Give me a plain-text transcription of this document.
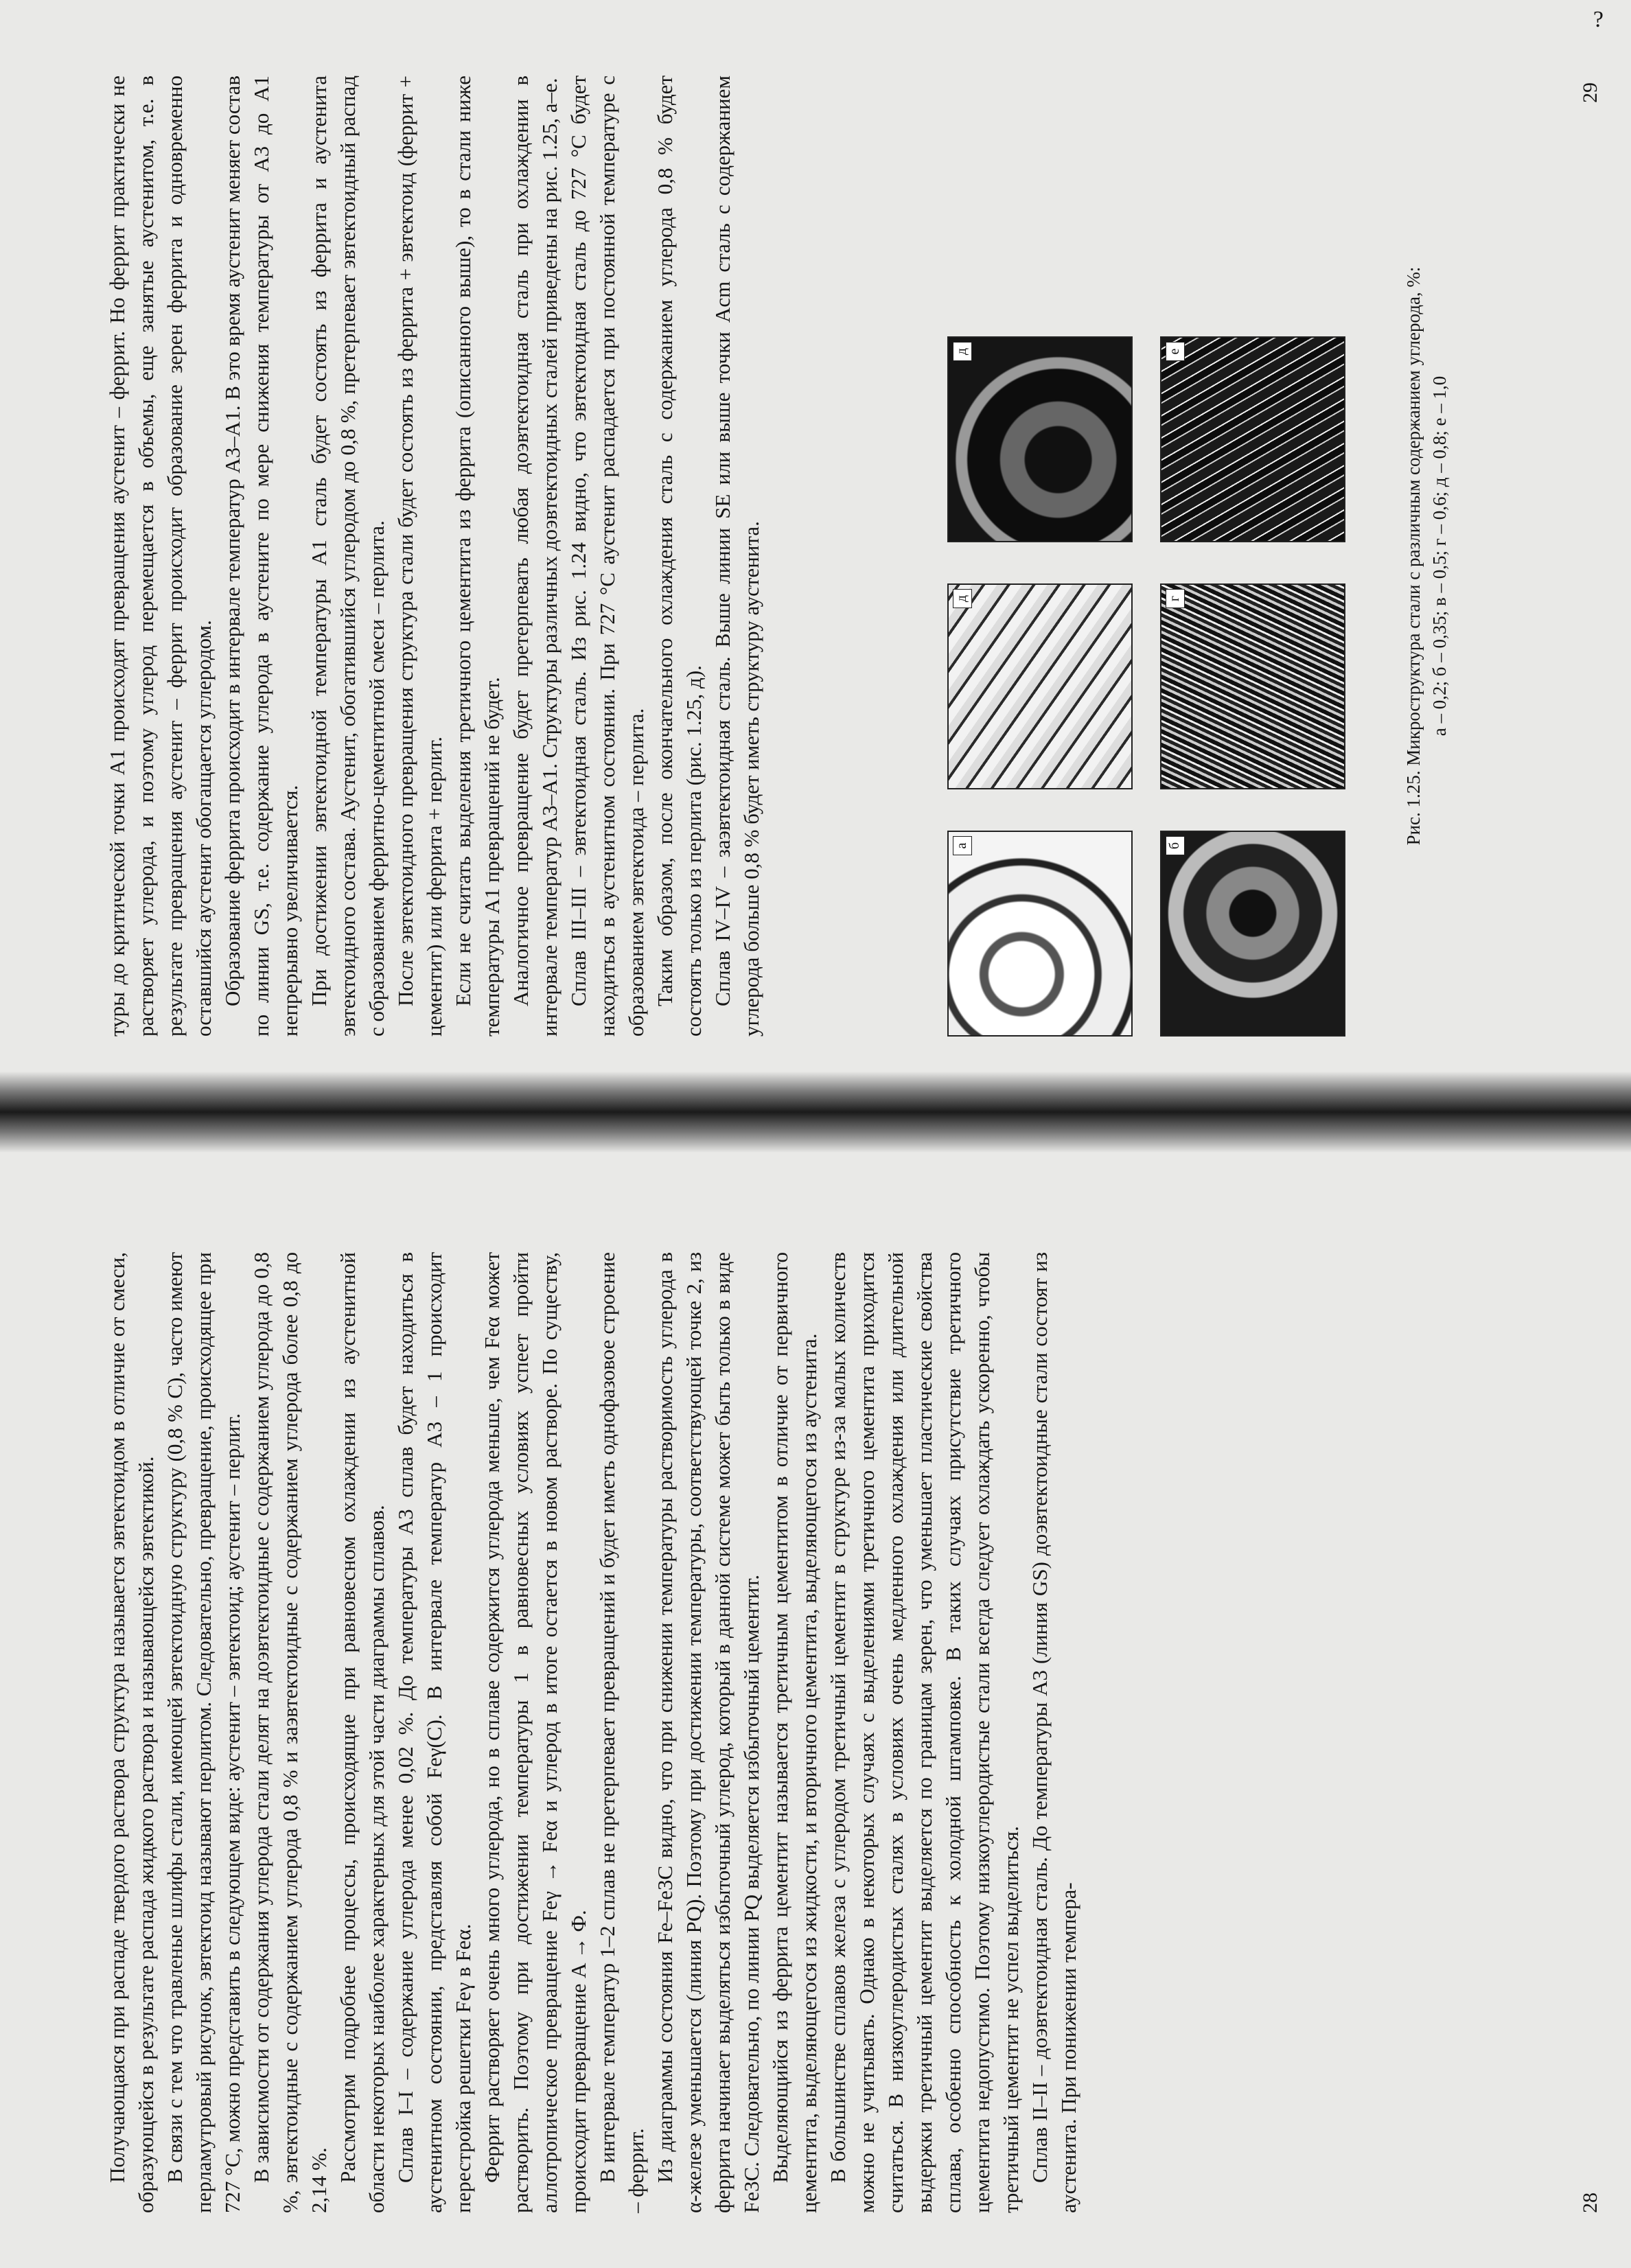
?

туры до критической точки A1 происходят превращения аустенит – феррит. Но феррит практически не растворяет углерода, и поэтому углерод перемещается в объемы, еще занятые аустенитом, т.е. в результате превращения аустенит – феррит происходит образование зерен феррита и одновременно оставшийся аустенит обогащается углеродом. Образование феррита происходит в интервале температур A3–A1. В это время аустенит меняет состав по линии GS, т.е. содержание углерода в аустените по мере снижения температуры от A3 до A1 непрерывно увеличивается. При достижении эвтектоидной температуры A1 сталь будет состоять из феррита и аустенита эвтектоидного состава. Аустенит, обогатившийся углеродом до 0,8 %, претерпевает эвтектоидный распад с образованием ферритно-цементитной смеси – перлита. После эвтектоидного превращения структура стали будет состоять из феррита + эвтектоид (феррит + цементит) или феррита + перлит. Если не считать выделения третичного цементита из феррита (описанного выше), то в стали ниже температуры A1 превращений не будет. Аналогичное превращение будет претерпевать любая доэвтектоидная сталь при охлаждении в интервале температур A3–A1. Структуры различных доэвтектоидных сталей приведены на рис. 1.25, а–е. Сплав III–III – эвтектоидная сталь. Из рис. 1.24 видно, что эвтектоидная сталь до 727 °С будет находиться в аустенитном состоянии. При 727 °С аустенит распадается при постоянной температуре с образованием эвтектоида – перлита. Таким образом, после окончательного охлаждения сталь с содержанием углерода 0,8 % будет состоять только из перлита (рис. 1.25, д). Сплав IV–IV – заэвтектоидная сталь. Выше линии SE или выше точки Acm сталь с содержанием углерода больше 0,8 % будет иметь структуру аустенита.	а	б
д	г
д	е	Рис. 1.25. Микроструктура стали с различным содержанием углерода, %: а – 0,2; б – 0,35; в – 0,5; г – 0,6; д – 0,8; е – 1,0
29

Получающаяся при распаде твердого раствора структура называется эвтектоидом в отличие от смеси, образующейся в результате распада жидкого раствора и называющейся эвтектикой. В связи с тем что травленые шлифы стали, имеющей эвтектоидную структуру (0,8 % С), часто имеют перламутровый рисунок, эвтектоид называют перлитом. Следовательно, превращение, происходящее при 727 °С, можно представить в следующем виде: аустенит – эвтектоид; аустенит – перлит. В зависимости от содержания углерода стали делят на доэвтектоидные с содержанием углерода до 0,8 %, эвтектоидные с содержанием углерода 0,8 % и заэвтектоидные с содержанием углерода более 0,8 до 2,14 %. Рассмотрим подробнее процессы, происходящие при равновесном охлаждении из аустенитной области некоторых наиболее характерных для этой части диаграммы сплавов. Сплав I–I – содержание углерода менее 0,02 %. До температуры A3 сплав будет находиться в аустенитном состоянии, представляя собой Feγ(C). В интервале температур A3 – 1 происходит перестройка решетки Feγ в Feα. Феррит растворяет очень много углерода, но в сплаве содержится углерода меньше, чем Feα может растворить. Поэтому при достижении температуры 1 в равновесных условиях успеет пройти аллотропическое превращение Feγ → Feα и углерод в итоге остается в новом растворе. По существу, происходит превращение A → Ф. В интервале температур 1–2 сплав не претерпевает превращений и будет иметь однофазовое строение – феррит. Из диаграммы состояния Fe–Fe3C видно, что при снижении температуры растворимость углерода в α-железе уменьшается (линия PQ). Поэтому при достижении температуры, соответствующей точке 2, из феррита начинает выделяться избыточный углерод, который в данной системе может быть только в виде Fe3C. Следовательно, по линии PQ выделяется избыточный цементит. Выделяющийся из феррита цементит называется третичным цементитом в отличие от первичного цементита, выделяющегося из жидкости, и вторичного цементита, выделяющегося из аустенита. В большинстве сплавов железа с углеродом третичный цементит в структуре из-за малых количеств можно не учитывать. Однако в некоторых случаях с выделениями третичного цементита приходится считаться. В низкоуглеродистых сталях в условиях очень медленного охлаждения или длительной выдержки третичный цементит выделяется по границам зерен, что уменьшает пластические свойства сплава, особенно способность к холодной штамповке. В таких случаях присутствие третичного цементита недопустимо. Поэтому низкоуглеродистые стали всегда следует охлаждать ускоренно, чтобы третичный цементит не успел выделиться. Сплав II–II – доэвтектоидная сталь. До температуры A3 (линия GS) доэвтектоидные стали состоят из аустенита. При понижении темпера-	28
